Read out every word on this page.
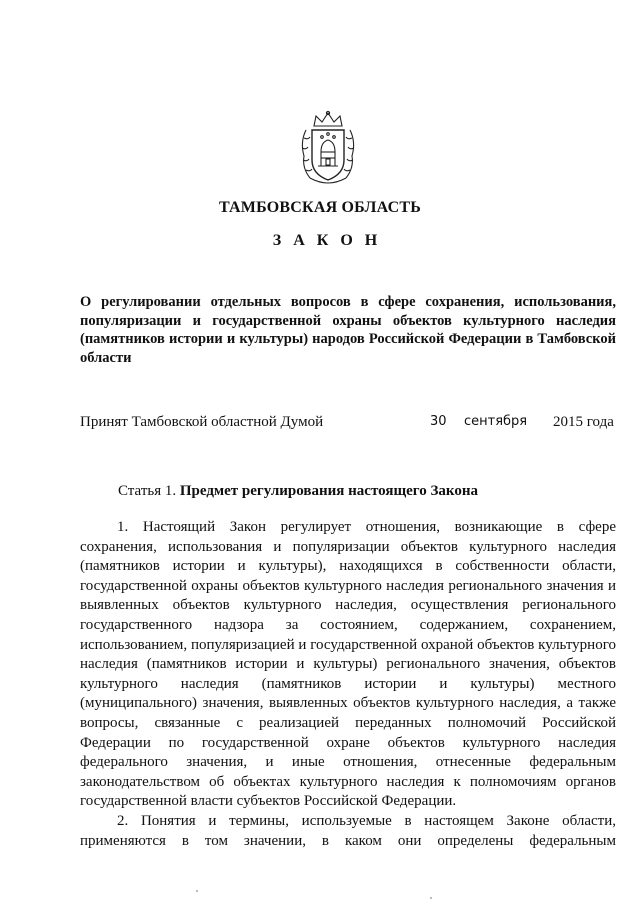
ТАМБОВСКАЯ ОБЛАСТЬ
З А К О Н
О регулировании отдельных вопросов в сфере сохранения, использования, популяризации и государственной охраны объектов культурного наследия (памятников истории и культуры) народов Российской Федерации в Тамбовской области
Принят Тамбовской областной Думой	30 сентября 2015 года
Статья 1. Предмет регулирования настоящего Закона

1. Настоящий Закон регулирует отношения, возникающие в сфере сохранения, использования и популяризации объектов культурного наследия (памятников истории и культуры), находящихся в собственности области, государственной охраны объектов культурного наследия регионального значения и выявленных объектов культурного наследия, осуществления регионального государственного надзора за состоянием, содержанием, сохранением, использованием, популяризацией и государственной охраной объектов культурного наследия (памятников истории и культуры) регионального значения, объектов культурного наследия (памятников истории и культуры) местного (муниципального) значения, выявленных объектов культурного наследия, а также вопросы, связанные с реализацией переданных полномочий Российской Федерации по государственной охране объектов культурного наследия федерального значения, и иные отношения, отнесенные федеральным законодательством об объектах культурного наследия к полномочиям органов государственной власти субъектов Российской Федерации.

2. Понятия и термины, используемые в настоящем Законе области, применяются в том значении, в каком они определены федеральным
